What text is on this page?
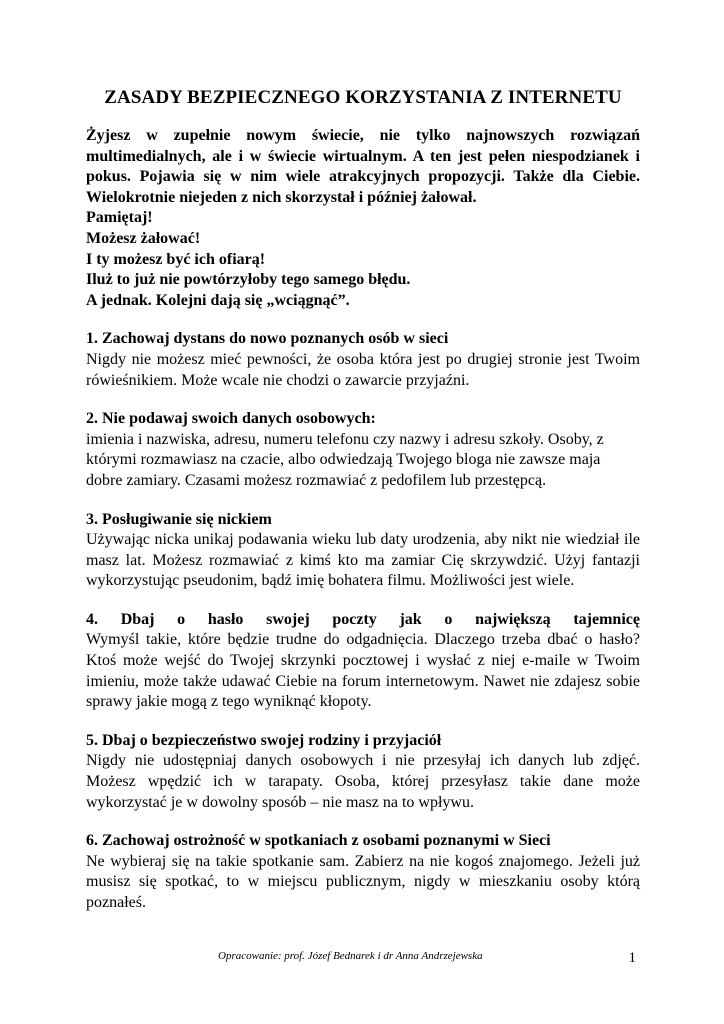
ZASADY BEZPIECZNEGO KORZYSTANIA Z INTERNETU
Żyjesz w zupełnie nowym świecie, nie tylko najnowszych rozwiązań multimedialnych, ale i w świecie wirtualnym. A ten jest pełen niespodzianek i pokus. Pojawia się w nim wiele atrakcyjnych propozycji. Także dla Ciebie. Wielokrotnie niejeden z nich skorzystał i później żałował.
Pamiętaj!
Możesz żałować!
I ty możesz być ich ofiarą!
Iluż to już nie powtórzyłoby tego samego błędu.
A jednak. Kolejni dają się „wciągnąć”.
1. Zachowaj dystans do nowo poznanych osób w sieci
Nigdy nie możesz mieć pewności, że osoba która jest po drugiej stronie jest Twoim rówieśnikiem. Może wcale nie chodzi o zawarcie przyjaźni.
2. Nie podawaj swoich danych osobowych:
imienia i nazwiska, adresu, numeru telefonu czy nazwy i adresu szkoły. Osoby, z którymi rozmawiasz na czacie, albo odwiedzają Twojego bloga nie zawsze maja dobre zamiary. Czasami możesz rozmawiać z pedofilem lub przestępcą.
3. Posługiwanie się nickiem
Używając nicka unikaj podawania wieku lub daty urodzenia, aby nikt nie wiedział ile masz lat. Możesz rozmawiać z kimś kto ma zamiar Cię skrzywdzić. Użyj fantazji wykorzystując pseudonim, bądź imię bohatera filmu. Możliwości jest wiele.
4. Dbaj o hasło swojej poczty jak o największą tajemnicę
Wymyśl takie, które będzie trudne do odgadnięcia. Dlaczego trzeba dbać o hasło? Ktoś może wejść do Twojej skrzynki pocztowej i wysłać z niej e-maile w Twoim imieniu, może także udawać Ciebie na forum internetowym. Nawet nie zdajesz sobie sprawy jakie mogą z tego wyniknąć kłopoty.
5. Dbaj o bezpieczeństwo swojej rodziny i przyjaciół
Nigdy nie udostępniaj danych osobowych i nie przesyłaj ich danych lub zdjęć. Możesz wpędzić ich w tarapaty. Osoba, której przesyłasz takie dane może wykorzystać je w dowolny sposób – nie masz na to wpływu.
6. Zachowaj ostrożność w spotkaniach z osobami poznanymi w Sieci
Ne wybieraj się na takie spotkanie sam. Zabierz na nie kogoś znajomego. Jeżeli już musisz się spotkać, to w miejscu publicznym, nigdy w mieszkaniu osoby którą poznałeś.
Opracowanie: prof. Józef Bednarek i dr Anna Andrzejewska	1
